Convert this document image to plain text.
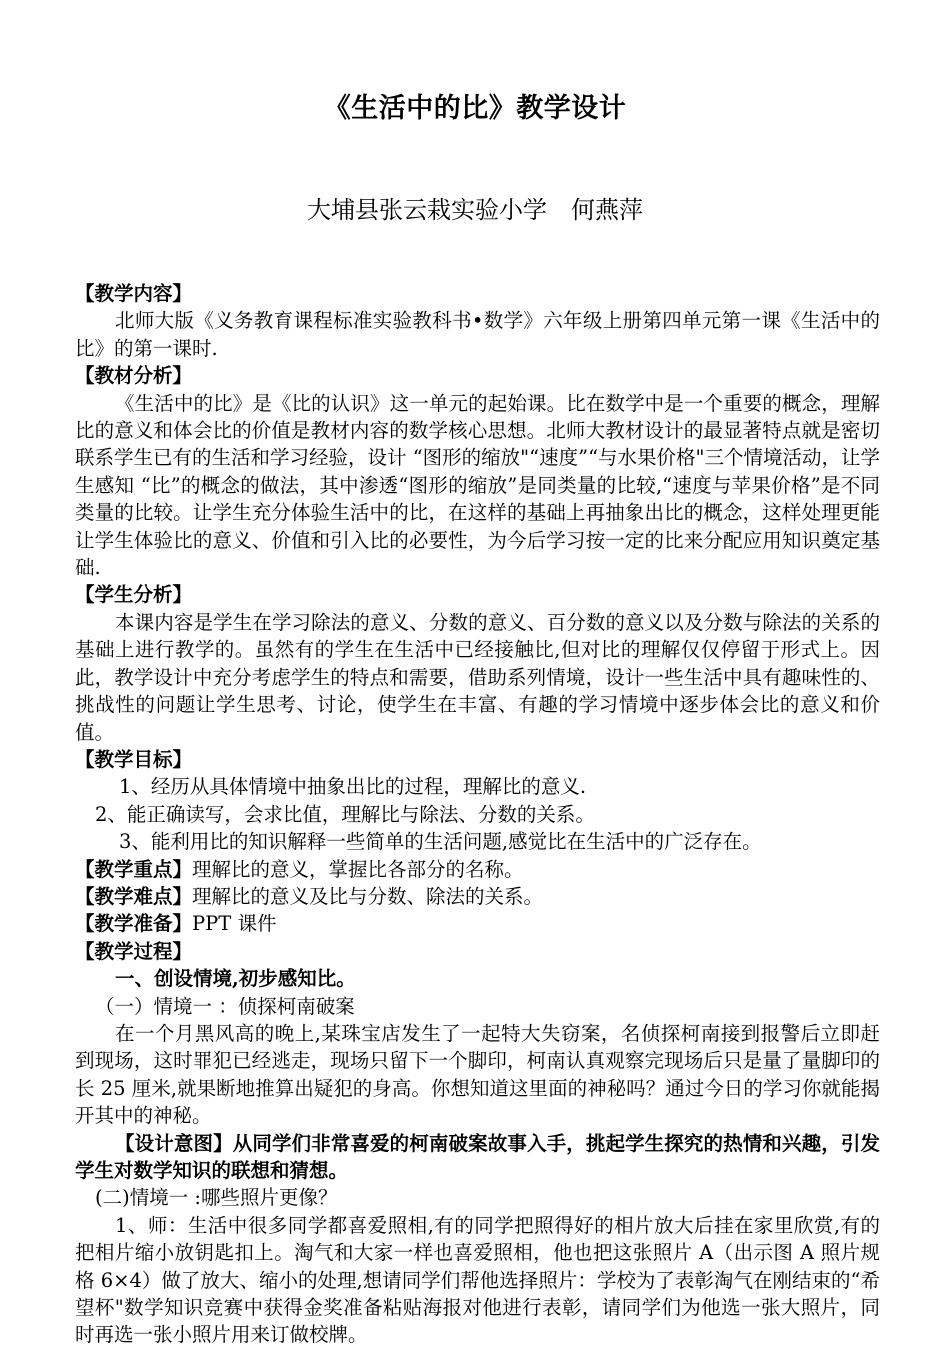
《生活中的比》教学设计
大埔县张云栽实验小学　何燕萍

【教学内容】

北师大版《义务教育课程标准实验教科书•数学》六年级上册第四单元第一课《生活中的比》的第一课时.

【教材分析】

《生活中的比》是《比的认识》这一单元的起始课。比在数学中是一个重要的概念，理解比的意义和体会比的价值是教材内容的数学核心思想。北师大教材设计的最显著特点就是密切联系学生已有的生活和学习经验，设计 “图形的缩放"“速度”“与水果价格"三个情境活动，让学生感知 “比”的概念的做法，其中渗透“图形的缩放”是同类量的比较,“速度与苹果价格”是不同类量的比较。让学生充分体验生活中的比，在这样的基础上再抽象出比的概念，这样处理更能让学生体验比的意义、价值和引入比的必要性，为今后学习按一定的比来分配应用知识奠定基础.

【学生分析】

本课内容是学生在学习除法的意义、分数的意义、百分数的意义以及分数与除法的关系的基础上进行教学的。虽然有的学生在生活中已经接触比,但对比的理解仅仅停留于形式上。因此，教学设计中充分考虑学生的特点和需要，借助系列情境，设计一些生活中具有趣味性的、挑战性的问题让学生思考、讨论，使学生在丰富、有趣的学习情境中逐步体会比的意义和价值。

【教学目标】

1、经历从具体情境中抽象出比的过程，理解比的意义.

2、能正确读写，会求比值，理解比与除法、分数的关系。

3、能利用比的知识解释一些简单的生活问题,感觉比在生活中的广泛存在。

【教学重点】理解比的意义，掌握比各部分的名称。

【教学难点】理解比的意义及比与分数、除法的关系。

【教学准备】PPT 课件

【教学过程】

一、创设情境,初步感知比。

（一）情境一 ：侦探柯南破案

在一个月黑风高的晚上,某珠宝店发生了一起特大失窃案，名侦探柯南接到报警后立即赶到现场，这时罪犯已经逃走，现场只留下一个脚印，柯南认真观察完现场后只是量了量脚印的长 25 厘米,就果断地推算出疑犯的身高。你想知道这里面的神秘吗？通过今日的学习你就能揭开其中的神秘。

【设计意图】从同学们非常喜爱的柯南破案故事入手，挑起学生探究的热情和兴趣，引发学生对数学知识的联想和猜想。

(二)情境一 :哪些照片更像？

1、师：生活中很多同学都喜爱照相,有的同学把照得好的相片放大后挂在家里欣赏,有的把相片缩小放钥匙扣上。淘气和大家一样也喜爱照相，他也把这张照片 A（出示图 A 照片规格 6×4）做了放大、缩小的处理,想请同学们帮他选择照片：学校为了表彰淘气在刚结束的“希望杯"数学知识竞赛中获得金奖准备粘贴海报对他进行表彰，请同学们为他选一张大照片，同时再选一张小照片用来订做校牌。
